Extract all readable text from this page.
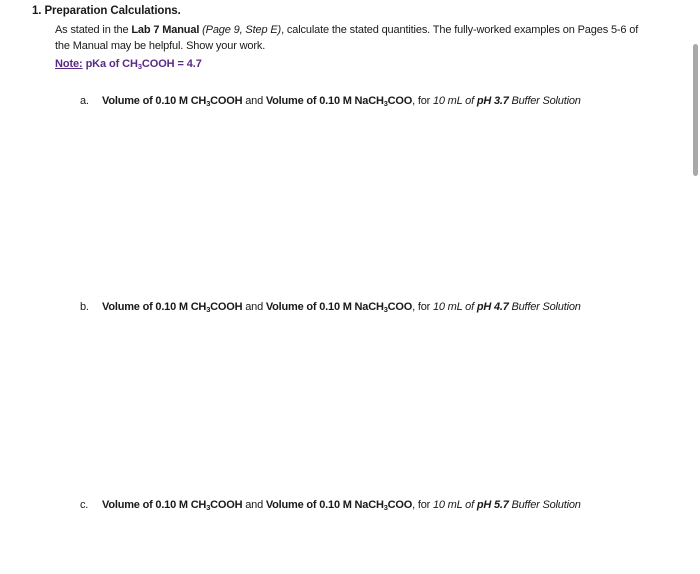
1. Preparation Calculations.
As stated in the Lab 7 Manual (Page 9, Step E), calculate the stated quantities. The fully-worked examples on Pages 5-6 of the Manual may be helpful. Show your work.
Note: pKa of $CH_3COOH = 4.7$
a. Volume of 0.10 M $CH_3COOH$ and Volume of 0.10 M NaCH$_3$COO, for 10 mL of pH 3.7 Buffer Solution
b. Volume of 0.10 M $CH_3COOH$ and Volume of 0.10 M NaCH$_3$COO, for 10 mL of pH 4.7 Buffer Solution
c. Volume of 0.10 M $CH_3COOH$ and Volume of 0.10 M NaCH$_3$COO, for 10 mL of pH 5.7 Buffer Solution
